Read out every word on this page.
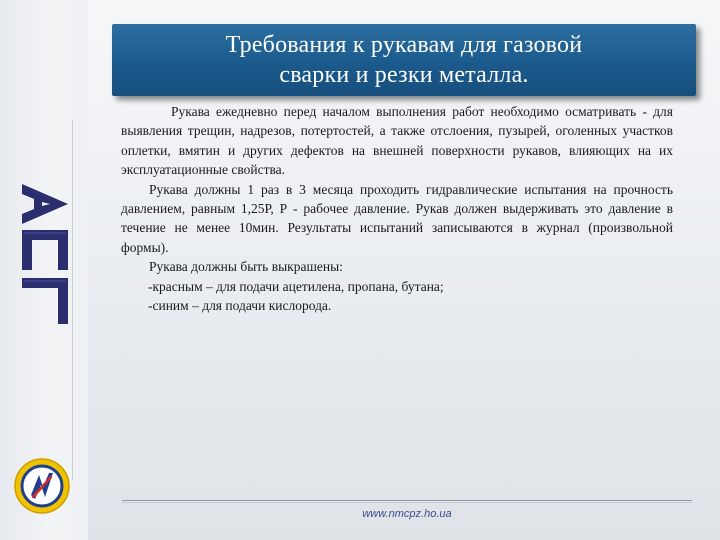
Требования к рукавам для газовой
сварки и резки металла.

Рукава ежедневно перед началом выполнения работ необходимо осматривать - для выявления трещин, надрезов, потертостей, а также отслоения, пузырей, оголенных участков оплетки, вмятин и других дефектов на внешней поверхности рукавов, влияющих на их эксплуатационные свойства.

Рукава должны 1 раз в 3 месяца проходить гидравлические испытания на прочность давлением, равным 1,25Р, Р - рабочее давление. Рукав должен выдерживать это давление в течение не менее 10мин. Результаты испытаний записываются в журнал (произвольной формы).

Рукава должны быть выкрашены:

-красным – для подачи ацетилена, пропана, бутана;

-синим – для подачи кислорода.

www.nmcpz.ho.ua
